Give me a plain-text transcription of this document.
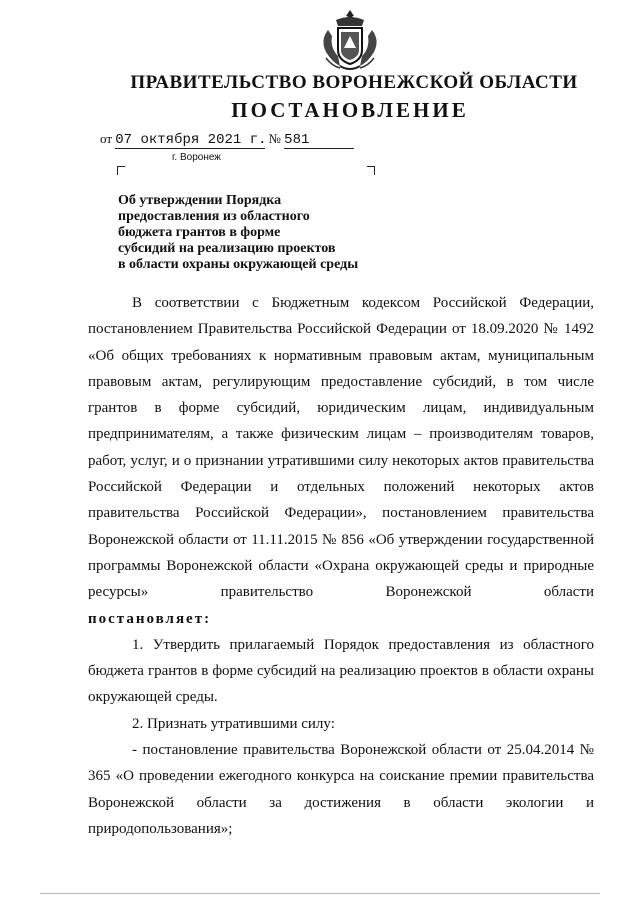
ПРАВИТЕЛЬСТВО ВОРОНЕЖСКОЙ ОБЛАСТИ
ПОСТАНОВЛЕНИЕ
от 07 октября 2021 г. № 581
г. Воронеж
Об утверждении Порядка
предоставления из областного
бюджета грантов в форме
субсидий на реализацию проектов
в области охраны окружающей среды

В соответствии с Бюджетным кодексом Российской Федерации, постановлением Правительства Российской Федерации от 18.09.2020 № 1492 «Об общих требованиях к нормативным правовым актам, муниципальным правовым актам, регулирующим предоставление субсидий, в том числе грантов в форме субсидий, юридическим лицам, индивидуальным предпринимателям, а также физическим лицам – производителям товаров, работ, услуг, и о признании утратившими силу некоторых актов правительства Российской Федерации и отдельных положений некоторых актов правительства Российской Федерации», постановлением правительства Воронежской области от 11.11.2015 № 856 «Об утверждении государственной программы Воронежской области «Охрана окружающей среды и природные ресурсы» правительство Воронежской области

постановляет:

1. Утвердить прилагаемый Порядок предоставления из областного бюджета грантов в форме субсидий на реализацию проектов в области охраны окружающей среды.

2. Признать утратившими силу:

- постановление правительства Воронежской области от 25.04.2014 № 365 «О проведении ежегодного конкурса на соискание премии правительства Воронежской области за достижения в области экологии и природопользования»;
